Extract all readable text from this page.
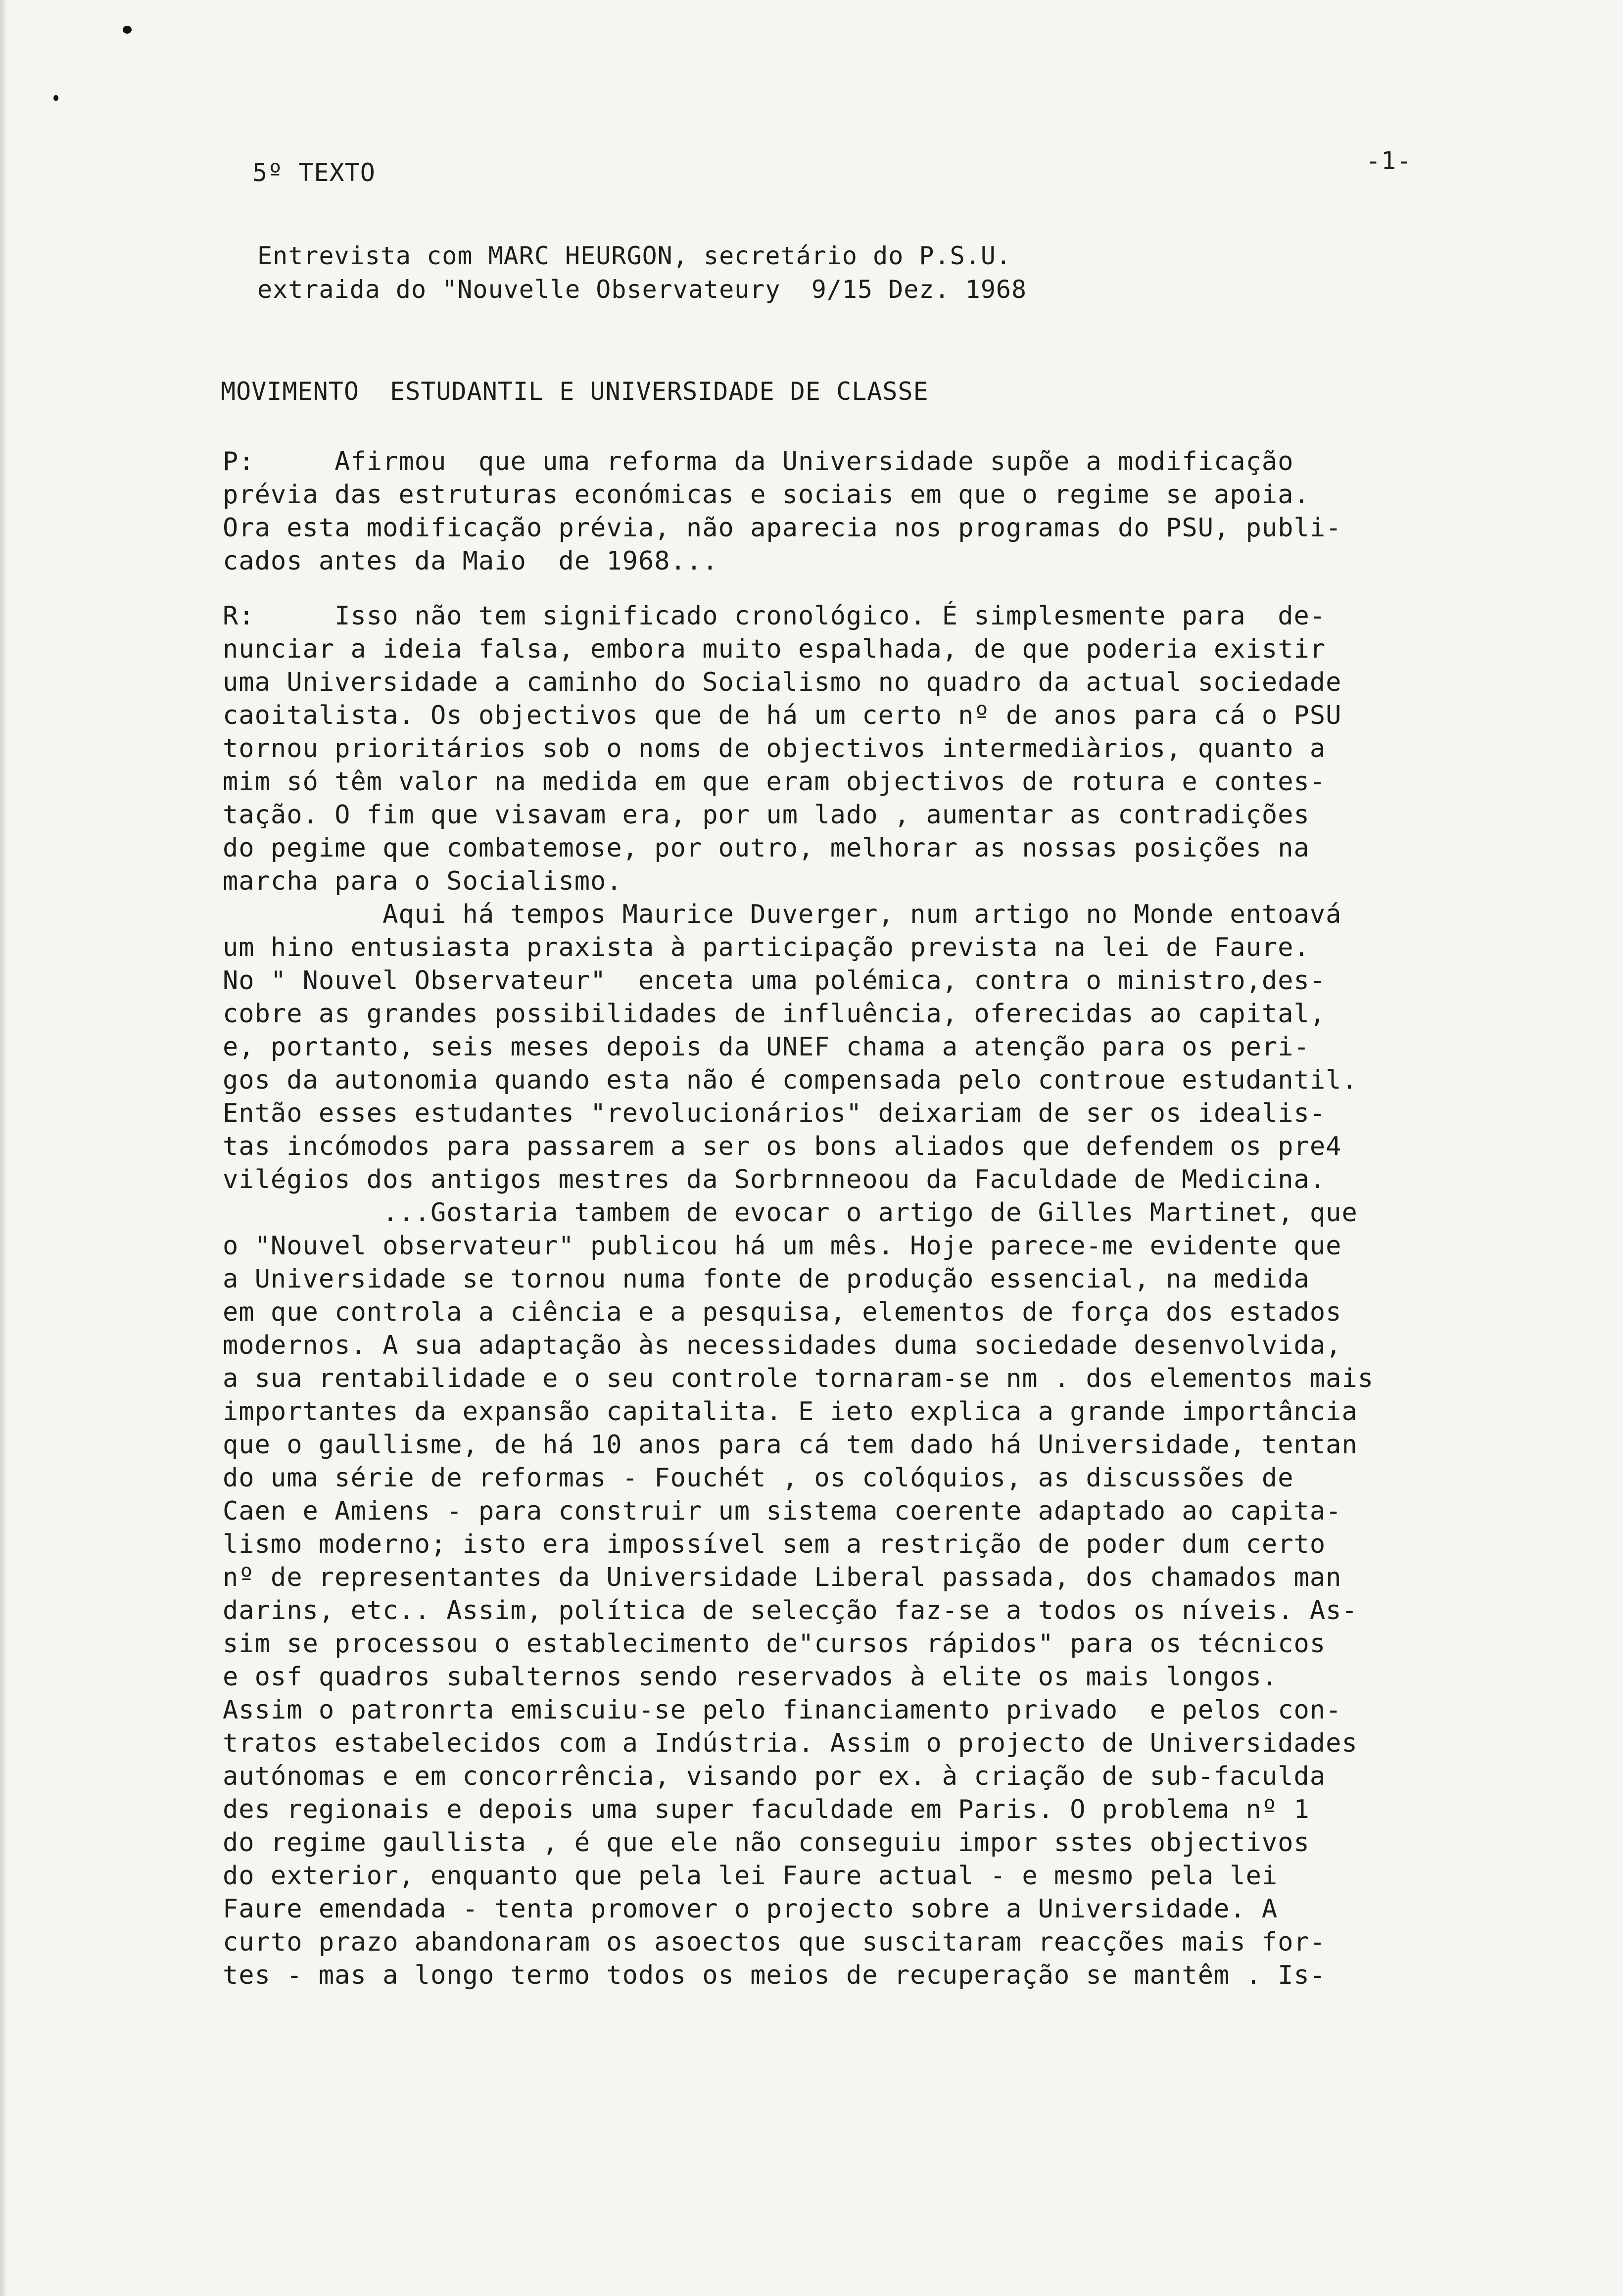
5º TEXTO	-1-
Entrevista com MARC HEURGON, secretário do P.S.U.
extraida do "Nouvelle Observateury  9/15 Dez. 1968
MOVIMENTO  ESTUDANTIL E UNIVERSIDADE DE CLASSE
P:     Afirmou  que uma reforma da Universidade supõe a modificação
prévia das estruturas económicas e sociais em que o regime se apoia.
Ora esta modificação prévia, não aparecia nos programas do PSU, publi-
cados antes da Maio  de 1968...
R:     Isso não tem significado cronológico. É simplesmente para  de-
nunciar a ideia falsa, embora muito espalhada, de que poderia existir
uma Universidade a caminho do Socialismo no quadro da actual sociedade
caoitalista. Os objectivos que de há um certo nº de anos para cá o PSU
tornou prioritários sob o noms de objectivos intermediàrios, quanto a
mim só têm valor na medida em que eram objectivos de rotura e contes-
tação. O fim que visavam era, por um lado , aumentar as contradições
do pegime que combatemose, por outro, melhorar as nossas posições na
marcha para o Socialismo.
Aqui há tempos Maurice Duverger, num artigo no Monde entoavá
um hino entusiasta praxista à participação prevista na lei de Faure.
No " Nouvel Observateur"  enceta uma polémica, contra o ministro,des-
cobre as grandes possibilidades de influência, oferecidas ao capital,
e, portanto, seis meses depois da UNEF chama a atenção para os peri-
gos da autonomia quando esta não é compensada pelo controue estudantil.
Então esses estudantes "revolucionários" deixariam de ser os idealis-
tas incómodos para passarem a ser os bons aliados que defendem os pre4
vilégios dos antigos mestres da Sorbrnneoou da Faculdade de Medicina.
...Gostaria tambem de evocar o artigo de Gilles Martinet, que
o "Nouvel observateur" publicou há um mês. Hoje parece-me evidente que
a Universidade se tornou numa fonte de produção essencial, na medida
em que controla a ciência e a pesquisa, elementos de força dos estados
modernos. A sua adaptação às necessidades duma sociedade desenvolvida,
a sua rentabilidade e o seu controle tornaram-se nm . dos elementos mais
importantes da expansão capitalita. E ieto explica a grande importância
que o gaullisme, de há 10 anos para cá tem dado há Universidade, tentan
do uma série de reformas - Fouchét , os colóquios, as discussões de
Caen e Amiens - para construir um sistema coerente adaptado ao capita-
lismo moderno; isto era impossível sem a restrição de poder dum certo
nº de representantes da Universidade Liberal passada, dos chamados man
darins, etc.. Assim, política de selecção faz-se a todos os níveis. As-
sim se processou o establecimento de"cursos rápidos" para os técnicos
e osf quadros subalternos sendo reservados à elite os mais longos.
Assim o patronrta emiscuiu-se pelo financiamento privado  e pelos con-
tratos estabelecidos com a Indústria. Assim o projecto de Universidades
autónomas e em concorrência, visando por ex. à criação de sub-faculda
des regionais e depois uma super faculdade em Paris. O problema nº 1
do regime gaullista , é que ele não conseguiu impor sstes objectivos
do exterior, enquanto que pela lei Faure actual - e mesmo pela lei
Faure emendada - tenta promover o projecto sobre a Universidade. A
curto prazo abandonaram os asoectos que suscitaram reacções mais for-
tes - mas a longo termo todos os meios de recuperação se mantêm . Is-
